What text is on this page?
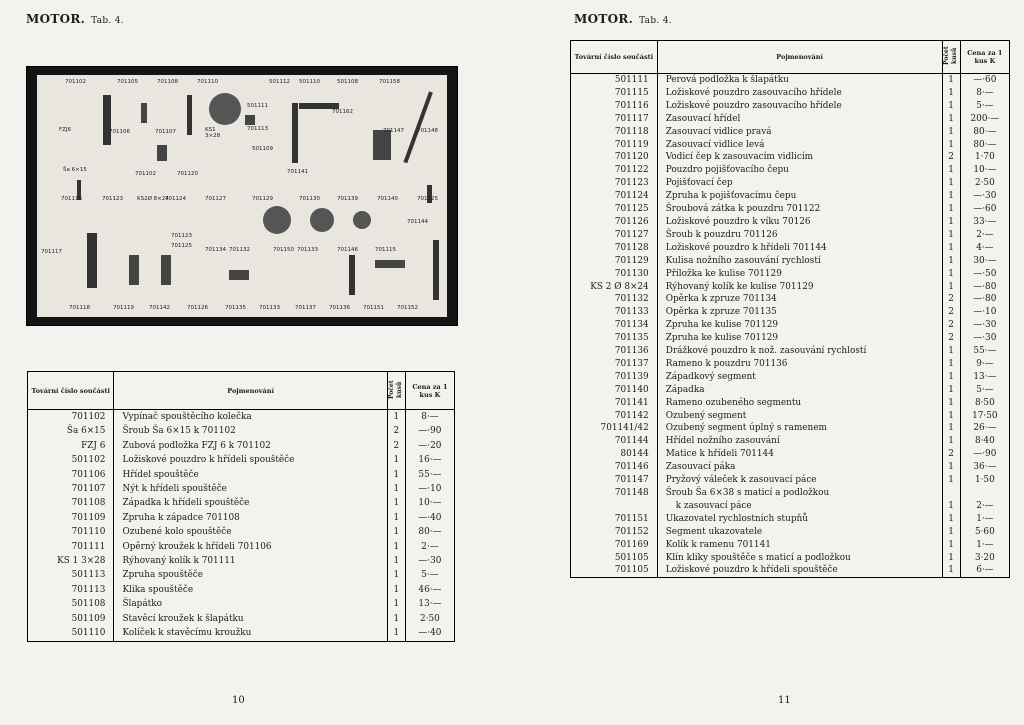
MOTOR. Tab. 4.
701102	701105	701108	701110	501112 501110	501108	701158
501111
701162
FZJ6	701106	701107	KS1
3×28
701113
501109
701147 701148
Ša 6×15
701102	701120	701141
701116	701123	KS2Ø 8×24
701124	701127	701129	701130	701139	701140	701125
701144
701117
701123
701125
701134 701132	701150 701133	701146	701115
701118	701119	701142	701126	701135 701133	701137 701136 701151 701152
Tovární číslo součásti	Pojmenování	Počet kusů	Cena za 1 kus K
701102	Vypínač spouštěcího kolečka	1	8·—
Ša 6×15	Šroub Ša 6×15 k 701102	2	—·90
FZJ 6	Zubová podložka FZJ 6 k 701102	2	—·20
501102	Ložiskové pouzdro k hřídeli spouštěče	1	16·—
701106	Hřídel spouštěče	1	55·—
701107	Nýt k hřídeli spouštěče	1	—·10
701108	Západka k hřídeli spouštěče	1	10·—
701109	Zpruha k západce 701108	1	—·40
701110	Ozubené kolo spouštěče	1	80·—
701111	Opěrný kroužek k hřídeli 701106	1	2·—
KS 1 3×28	Rýhovaný kolík k 701111	1	—·30
501113	Zpruha spouštěče	1	5·—
701113	Klika spouštěče	1	46·—
501108	Šlapátko	1	13·—
501109	Stavěcí kroužek k šlapátku	1	2·50
501110	Kolíček k stavěcímu kroužku	1	—·40
10
MOTOR. Tab. 4.
Tovární číslo součásti	Pojmenování	Počet kusů	Cena za 1 kus K
501111	Perová podložka k šlapátku	1	—·60
701115	Ložiskové pouzdro zasouvacího hřídele	1	8·—
701116	Ložiskové pouzdro zasouvacího hřídele	1	5·—
701117	Zasouvací hřídel	1	200·—
701118	Zasouvací vidlice pravá	1	80·—
701119	Zasouvací vidlice levá	1	80·—
701120	Vodicí čep k zasouvacím vidlicím	2	1·70
701122	Pouzdro pojišťovacího čepu	1	10·—
701123	Pojišťovací čep	1	2·50
701124	Zpruha k pojišťovacímu čepu	1	—·30
701125	Šroubová zátka k pouzdru 701122	1	—·60
701126	Ložiskové pouzdro k víku 70126	1	33·—
701127	Šroub k pouzdru 701126	1	2·—
701128	Ložiskové pouzdro k hřídeli 701144	1	4·—
701129	Kulisa nožního zasouvání rychlostí	1	30·—
701130	Příložka ke kulise 701129	1	—·50
KS 2 Ø 8×24	Rýhovaný kolík ke kulise 701129	1	—·80
701132	Opěrka k zpruze 701134	2	—·80
701133	Opěrka k zpruze 701135	2	—·10
701134	Zpruha ke kulise 701129	2	—·30
701135	Zpruha ke kulise 701129	2	—·30
701136	Drážkové pouzdro k nož. zasouvání rychlostí	1	55·—
701137	Rameno k pouzdru 701136	1	9·—
701139	Západkový segment	1	13·—
701140	Západka	1	5·—
701141	Rameno ozubeného segmentu	1	8·50
701142	Ozubený segment	1	17·50
701141/42	Ozubený segment úplný s ramenem	1	26·—
701144	Hřídel nožního zasouvání	1	8·40
80144	Matice k hřídeli 701144	2	—·90
701146	Zasouvací páka	1	36·—
701147	Pryžový váleček k zasouvací páce	1	1·50
701148	Šroub Ša 6×38 s maticí a podložkou		
	k zasouvací páce	1	2·—
701151	Ukazovatel rychlostních stupňů	1	1·—
701152	Segment ukazovatele	1	5·60
701169	Kolík k ramenu 701141	1	1·—
501105	Klín kliky spouštěče s maticí a podložkou	1	3·20
701105	Ložiskové pouzdro k hřídeli spouštěče	1	6·—
11
